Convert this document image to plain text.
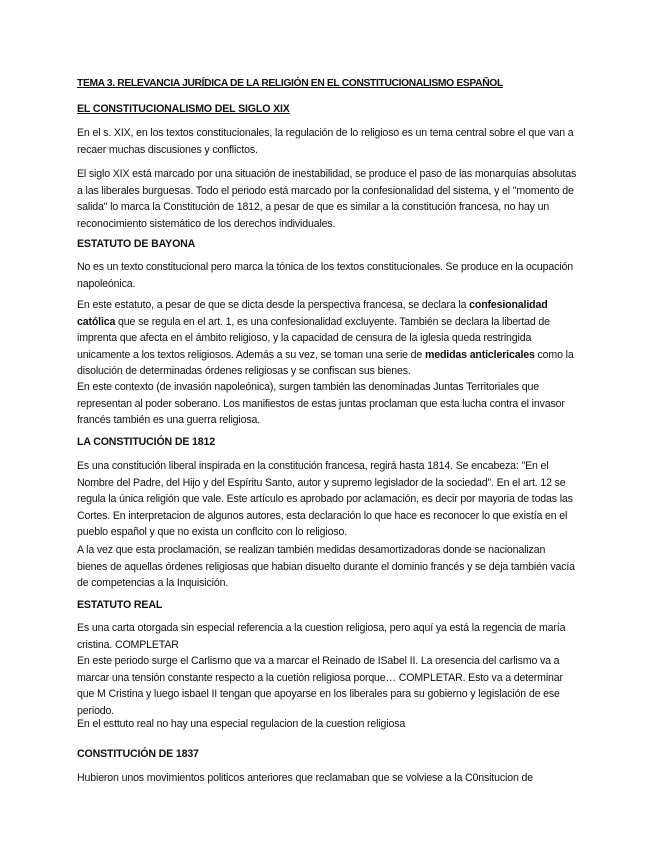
TEMA 3. RELEVANCIA JURÍDICA DE LA RELIGIÓN EN EL CONSTITUCIONALISMO ESPAÑOL
EL CONSTITUCIONALISMO DEL SIGLO XIX

En el s. XIX, en los textos constitucionales, la regulación de lo religioso es un tema central sobre el que van a recaer muchas discusiones y conflictos.

El siglo XIX está marcado por una situación de inestabilidad, se produce el paso de las monarquías absolutas a las liberales burguesas. Todo el periodo está marcado por la confesionalidad del sistema, y el "momento de salida" lo marca la Constitución de 1812, a pesar de que es similar a la constitución francesa, no hay un reconocimiento sistemático de los derechos individuales.

ESTATUTO DE BAYONA

No es un texto constitucional pero marca la tónica de los textos constitucionales. Se produce en la ocupación napoleónica.

En este estatuto, a pesar de que se dicta desde la perspectiva francesa, se declara la confesionalidad católica que se regula en el art. 1, es una confesionalidad excluyente. También se declara la libertad de imprenta que afecta en el ámbito religioso, y la capacidad de censura de la iglesia queda restringida unicamente a los textos religiosos. Además a su vez, se toman una serie de medidas anticlericales como la disolución de determinadas órdenes religiosas y se confiscan sus bienes.

En este contexto (de invasión napoleónica), surgen también las denominadas Juntas Territoriales que representan al poder soberano. Los manifiestos de estas juntas proclaman que esta lucha contra el invasor francés también es una guerra religiosa.

LA CONSTITUCIÓN DE 1812

Es una constitución liberal inspirada en la constitución francesa, regirá hasta 1814. Se encabeza: "En el Nombre del Padre, del Hijo y del Espíritu Santo, autor y supremo legislador de la sociedad". En el art. 12 se regula la única religión que vale. Este artículo es aprobado por aclamación, es decir por mayoria de todas las Cortes. En interpretacion de algunos autores, esta declaración lo que hace es reconocer lo que existía en el pueblo español y que no exista un conflcito con lo religioso.

A la vez que esta proclamación, se realizan también medidas desamortizadoras donde se nacionalizan bienes de aquellas órdenes religiosas que habian disuelto durante el dominio francés y se deja también vacía de competencias a la Inquisición.

ESTATUTO REAL

Es una carta otorgada sin especial referencia a la cuestion religiosa, pero aquí ya está la regencia de maría cristina. COMPLETAR

En este periodo surge el Carlismo que va a marcar el Reinado de ISabel II. La oresencia del carlismo va a marcar una tensión constante respecto a la cuetión religiosa porque… COMPLETAR. Esto va a determinar que M Cristina y luego isbael II tengan que apoyarse en los liberales para su gobierno y legislación de ese periodo.

En el esttuto real no hay una especial regulacion de la cuestion religiosa

CONSTITUCIÓN DE 1837

Hubieron unos movimientos politicos anteriores que reclamaban que se volviese a la C0nsitucion de
